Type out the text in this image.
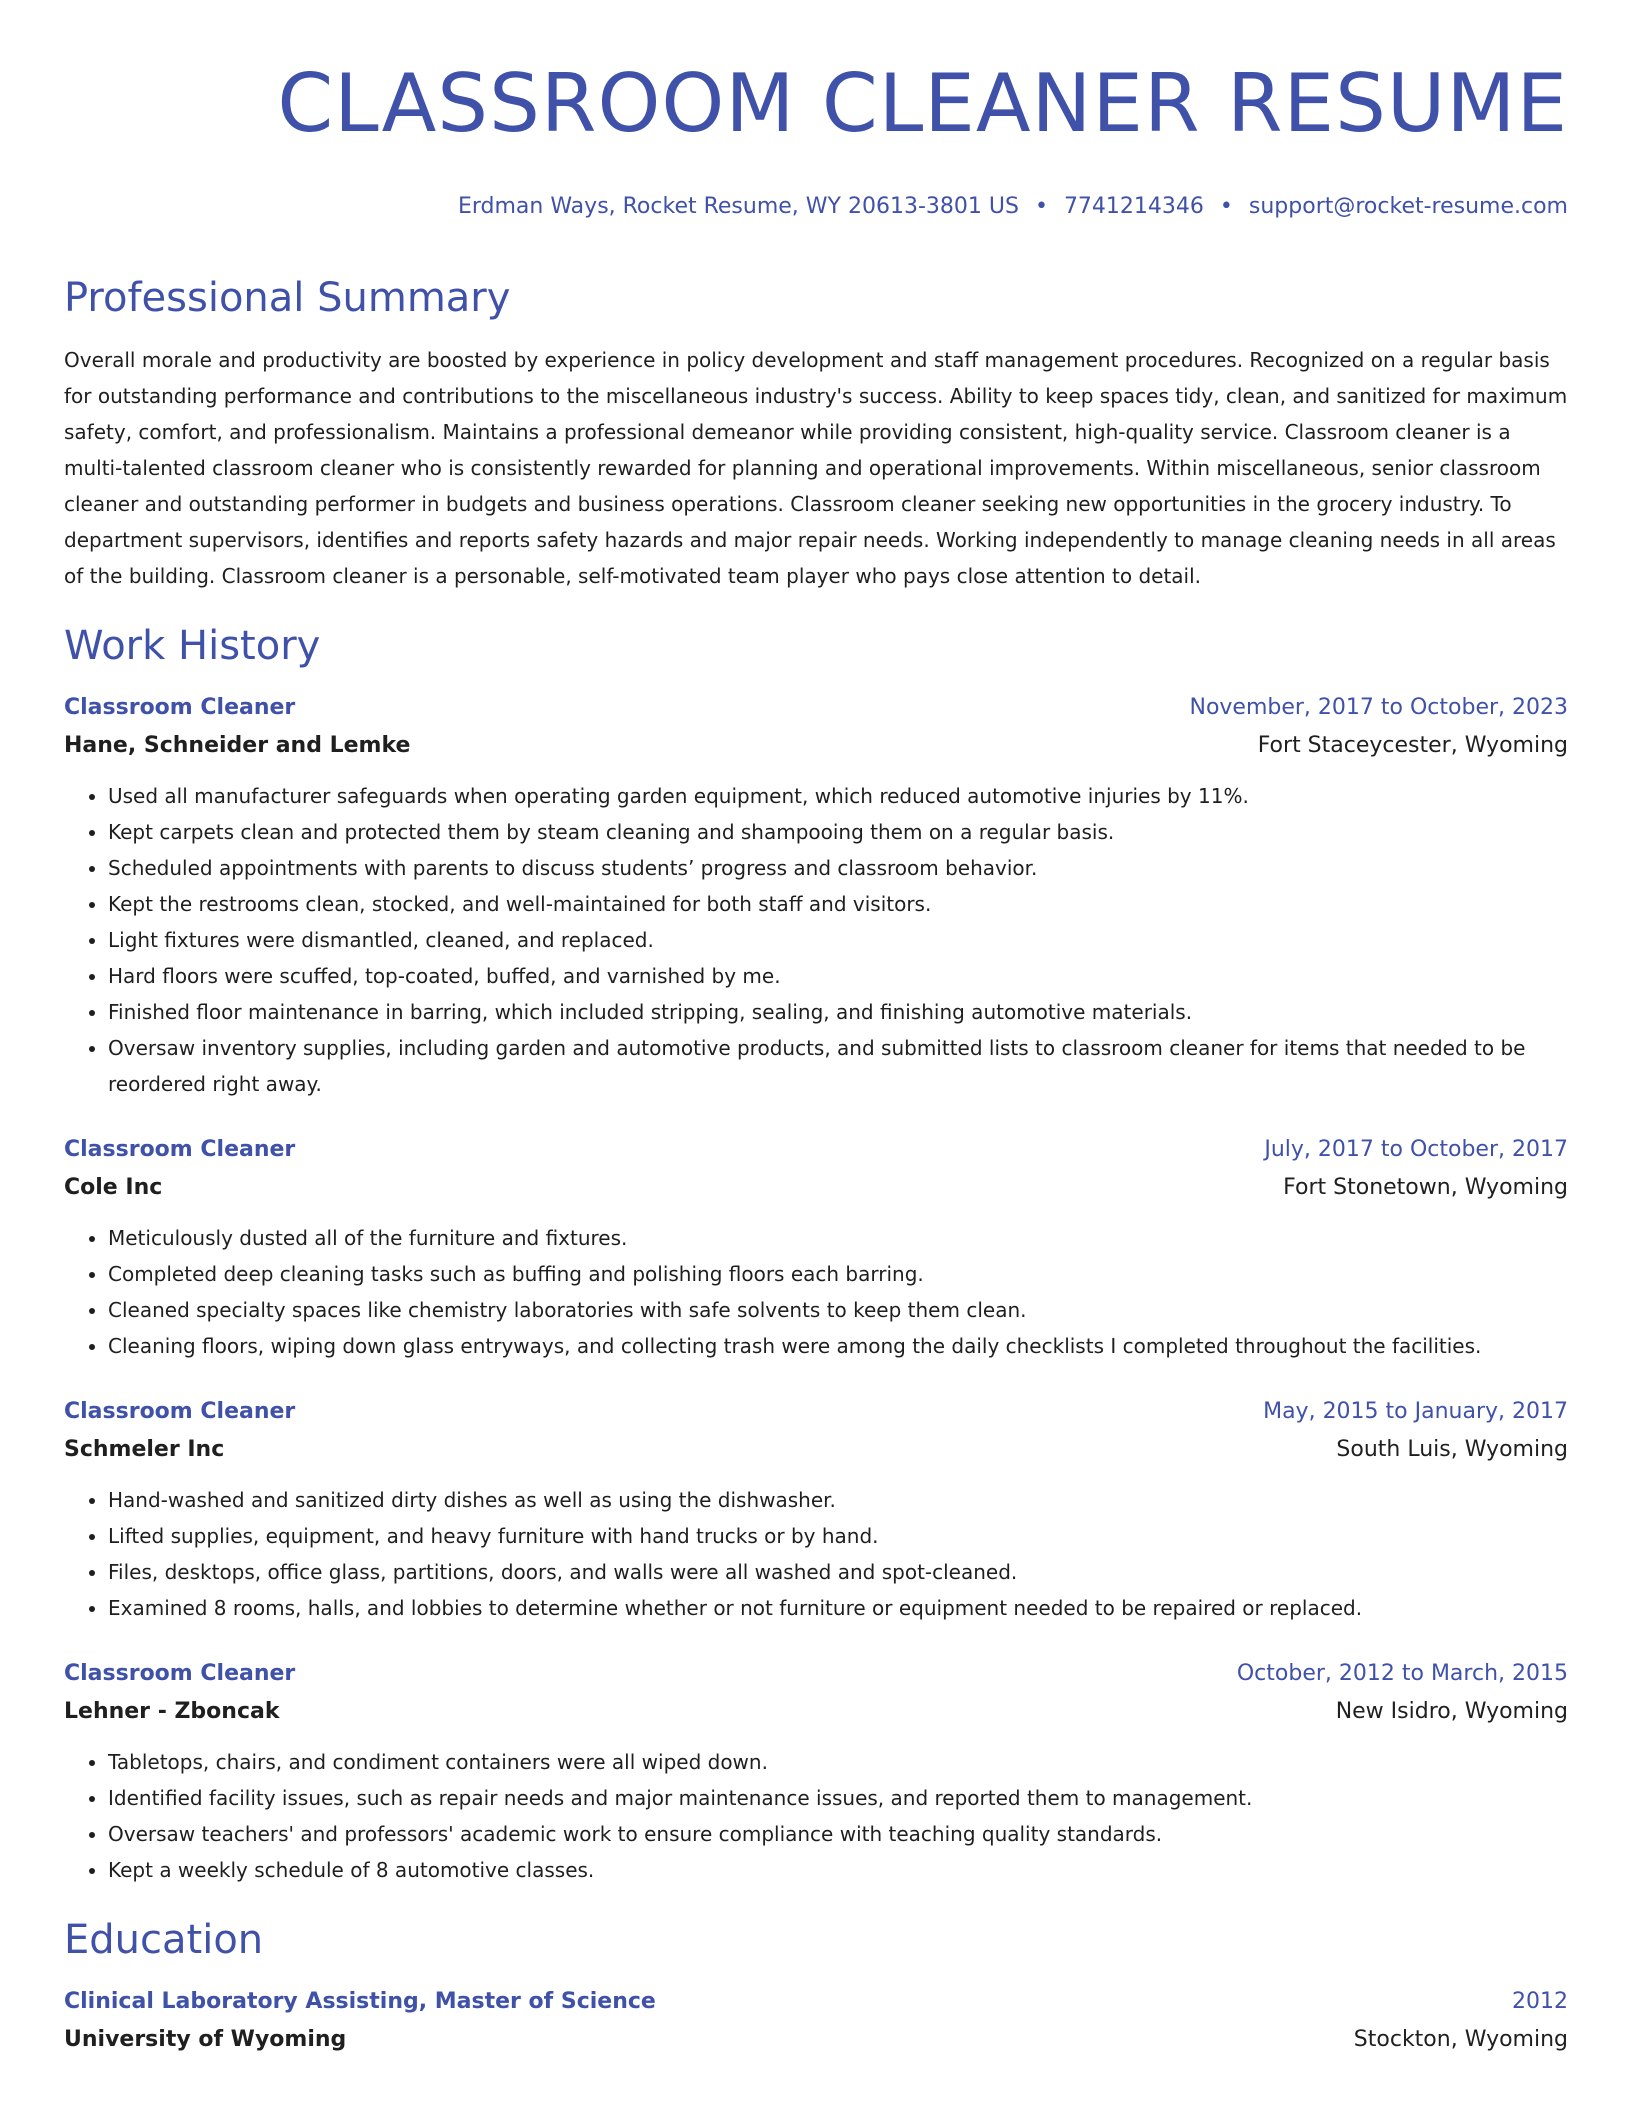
CLASSROOM CLEANER RESUME
Erdman Ways, Rocket Resume, WY 20613-3801 US • 7741214346 • support@rocket-resume.com
Professional Summary

Overall morale and productivity are boosted by experience in policy development and staff management procedures. Recognized on a regular basis for outstanding performance and contributions to the miscellaneous industry's success. Ability to keep spaces tidy, clean, and sanitized for maximum safety, comfort, and professionalism. Maintains a professional demeanor while providing consistent, high-quality service. Classroom cleaner is a multi-talented classroom cleaner who is consistently rewarded for planning and operational improvements. Within miscellaneous, senior classroom cleaner and outstanding performer in budgets and business operations. Classroom cleaner seeking new opportunities in the grocery industry. To department supervisors, identifies and reports safety hazards and major repair needs. Working independently to manage cleaning needs in all areas of the building. Classroom cleaner is a personable, self-motivated team player who pays close attention to detail.

Work History
Classroom Cleaner	November, 2017 to October, 2023
Hane, Schneider and Lemke	Fort Staceycester, Wyoming
• Used all manufacturer safeguards when operating garden equipment, which reduced automotive injuries by 11%.
• Kept carpets clean and protected them by steam cleaning and shampooing them on a regular basis.
• Scheduled appointments with parents to discuss students’ progress and classroom behavior.
• Kept the restrooms clean, stocked, and well-maintained for both staff and visitors.
• Light fixtures were dismantled, cleaned, and replaced.
• Hard floors were scuffed, top-coated, buffed, and varnished by me.
• Finished floor maintenance in barring, which included stripping, sealing, and finishing automotive materials.
• Oversaw inventory supplies, including garden and automotive products, and submitted lists to classroom cleaner for items that needed to be reordered right away.
Classroom Cleaner	July, 2017 to October, 2017
Cole Inc	Fort Stonetown, Wyoming
• Meticulously dusted all of the furniture and fixtures.
• Completed deep cleaning tasks such as buffing and polishing floors each barring.
• Cleaned specialty spaces like chemistry laboratories with safe solvents to keep them clean.
• Cleaning floors, wiping down glass entryways, and collecting trash were among the daily checklists I completed throughout the facilities.
Classroom Cleaner	May, 2015 to January, 2017
Schmeler Inc	South Luis, Wyoming
• Hand-washed and sanitized dirty dishes as well as using the dishwasher.
• Lifted supplies, equipment, and heavy furniture with hand trucks or by hand.
• Files, desktops, office glass, partitions, doors, and walls were all washed and spot-cleaned.
• Examined 8 rooms, halls, and lobbies to determine whether or not furniture or equipment needed to be repaired or replaced.
Classroom Cleaner	October, 2012 to March, 2015
Lehner - Zboncak	New Isidro, Wyoming
• Tabletops, chairs, and condiment containers were all wiped down.
• Identified facility issues, such as repair needs and major maintenance issues, and reported them to management.
• Oversaw teachers' and professors' academic work to ensure compliance with teaching quality standards.
• Kept a weekly schedule of 8 automotive classes.
Education
Clinical Laboratory Assisting, Master of Science	2012
University of Wyoming	Stockton, Wyoming
